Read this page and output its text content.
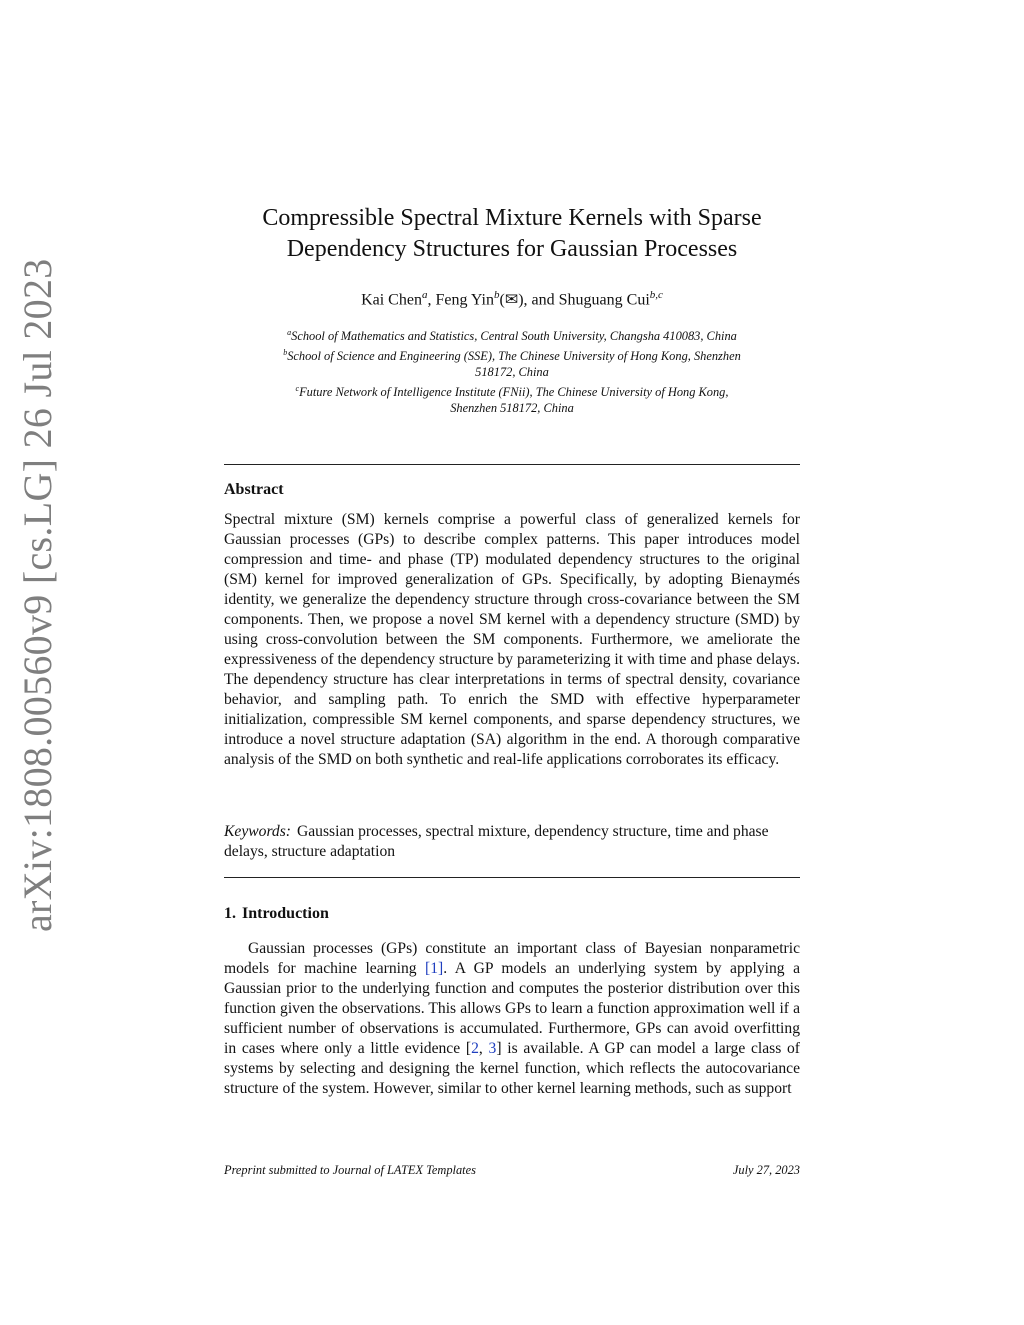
arXiv:1808.00560v9 [cs.LG] 26 Jul 2023
Compressible Spectral Mixture Kernels with Sparse
Dependency Structures for Gaussian Processes
Kai Chen$^a$, Feng Yin$^b$(✉), and Shuguang Cui$^{b,c}$
$^a$School of Mathematics and Statistics, Central South University, Changsha 410083, China
$^b$School of Science and Engineering (SSE), The Chinese University of Hong Kong, Shenzhen
518172, China
$^c$Future Network of Intelligence Institute (FNii), The Chinese University of Hong Kong,
Shenzhen 518172, China
Abstract
Spectral mixture (SM) kernels comprise a powerful class of generalized kernels for Gaussian processes (GPs) to describe complex patterns. This paper introduces model compression and time- and phase (TP) modulated dependency structures to the original (SM) kernel for improved generalization of GPs. Specifically, by adopting Bienaymés identity, we generalize the dependency structure through cross-covariance between the SM components. Then, we propose a novel SM kernel with a dependency structure (SMD) by using cross-convolution between the SM components. Furthermore, we ameliorate the expressiveness of the dependency structure by parameterizing it with time and phase delays. The dependency structure has clear interpretations in terms of spectral density, covariance behavior, and sampling path. To enrich the SMD with effective hyperparameter initialization, compressible SM kernel components, and sparse dependency structures, we introduce a novel structure adaptation (SA) algorithm in the end. A thorough comparative analysis of the SMD on both synthetic and real-life applications corroborates its efficacy.
Keywords: Gaussian processes, spectral mixture, dependency structure, time and phase delays, structure adaptation
1. Introduction
Gaussian processes (GPs) constitute an important class of Bayesian nonparametric models for machine learning [1]. A GP models an underlying system by applying a Gaussian prior to the underlying function and computes the posterior distribution over this function given the observations. This allows GPs to learn a function approximation well if a sufficient number of observations is accumulated. Furthermore, GPs can avoid overfitting in cases where only a little evidence [2, 3] is available. A GP can model a large class of systems by selecting and designing the kernel function, which reflects the autocovariance structure of the system. However, similar to other kernel learning methods, such as support
Preprint submitted to Journal of LATEX Templates	July 27, 2023
